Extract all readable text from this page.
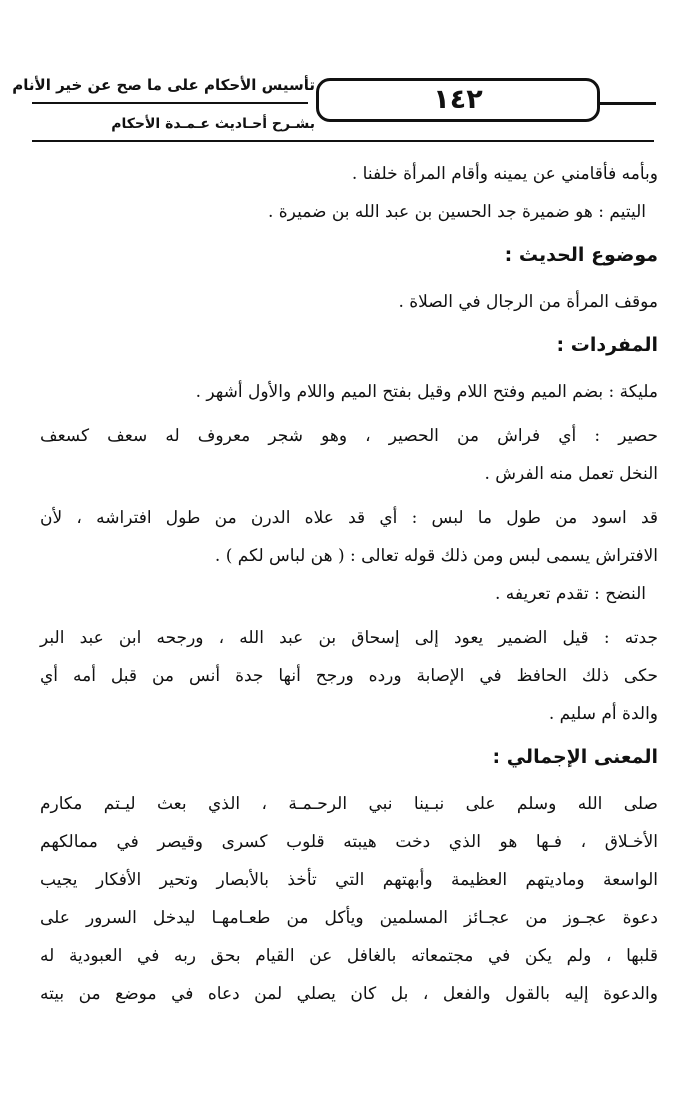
تأسيس الأحكام على ما صح عن خير الأنام
بشـرح أحـاديث عـمـدة الأحكام
١٤٢

وبأمه فأقامني عن يمينه وأقام المرأة خلفنا .

اليتيم : هو ضميرة جد الحسين بن عبد الله بن ضميرة .

موضوع الحديث :

موقف المرأة من الرجال في الصلاة .

المفردات :

مليكة : بضم الميم وفتح اللام وقيل بفتح الميم واللام والأول أشهر .

حصير : أي فراش من الحصير ، وهو شجر معروف له سعف كسعف

النخل تعمل منه الفرش .

قد اسود من طول ما لبس : أي قد علاه الدرن من طول افتراشه ، لأن

الافتراش يسمى لبس ومن ذلك قوله تعالى : ( هن لباس لكم ) .

النضح : تقدم تعريفه .

جدته : قيل الضمير يعود إلى إسحاق بن عبد الله ، ورجحه ابن عبد البر

حكى ذلك الحافظ في الإصابة ورده ورجح أنها جدة أنس من قبل أمه أي

والدة أم سليم .

المعنى الإجمالي :

صلى الله وسلم على نبـينا نبي الرحـمـة ، الذي بعث ليـتم مكارم

الأخـلاق ، فـها هو الذي دخت هيبته قلوب كسرى وقيصر في ممالكهم

الواسعة وماديتهم العظيمة وأبهتهم التي تأخذ بالأبصار وتحير الأفكار يجيب

دعوة عجـوز من عجـائز المسلمين ويأكل من طعـامهـا ليدخل السرور على

قلبها ، ولم يكن في مجتمعاته بالغافل عن القيام بحق ربه في العبودية له

والدعوة إليه بالقول والفعل ، بل كان يصلي لمن دعاه في موضع من بيته
